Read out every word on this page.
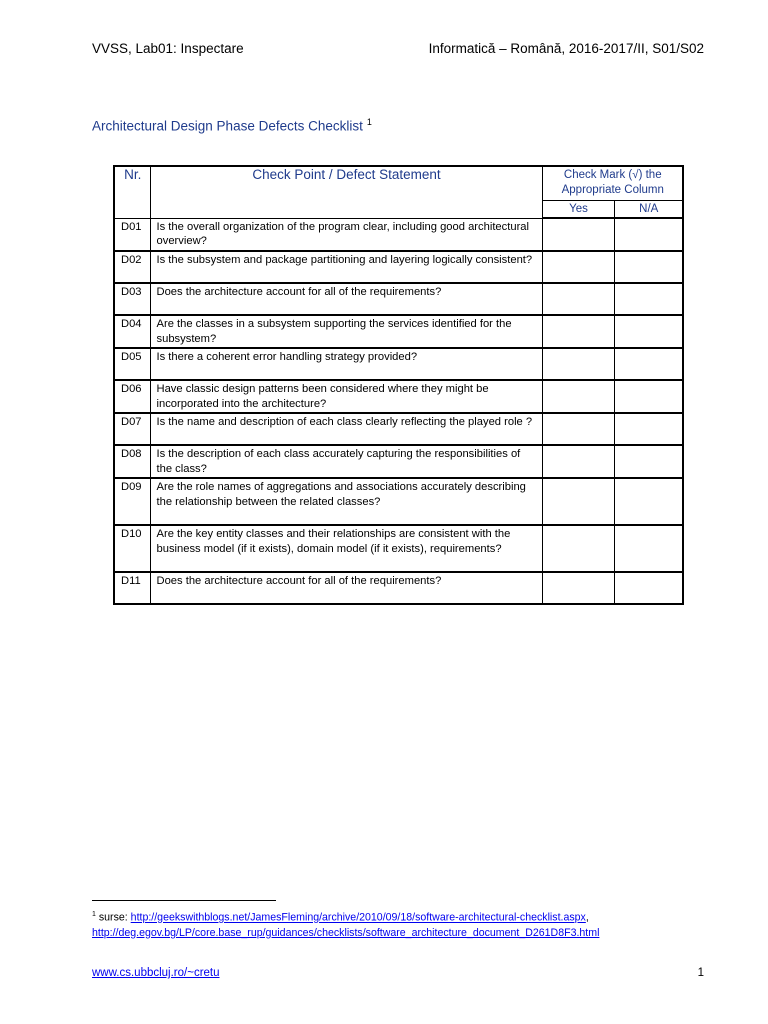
VVSS, Lab01: Inspectare	Informatică – Română, 2016-2017/II, S01/S02
Architectural Design Phase Defects Checklist $^1$
Nr.	Check Point / Defect Statement	Check Mark (√) the Appropriate Column	
		Yes	N/A
D01	Is the overall organization of the program clear, including good architectural overview?		
D02	Is the subsystem and package partitioning and layering logically consistent?		
D03	Does the architecture account for all of the requirements?		
D04	Are the classes in a subsystem supporting the services identified for the subsystem?		
D05	Is there a coherent error handling strategy provided?		
D06	Have classic design patterns been considered where they might be incorporated into the architecture?		
D07	Is the name and description of each class clearly reflecting the played role ?		
D08	Is the description of each class accurately capturing the responsibilities of the class?		
D09	Are the role names of aggregations and associations accurately describing the relationship between the related classes?		
D10	Are the key entity classes and their relationships are consistent with the business model (if it exists), domain model (if it exists), requirements?		
D11	Does the architecture account for all of the requirements?		
$^1$ surse: http://geekswithblogs.net/JamesFleming/archive/2010/09/18/software-architectural-checklist.aspx,
http://deg.egov.bg/LP/core.base_rup/guidances/checklists/software_architecture_document_D261D8F3.html
www.cs.ubbcluj.ro/~cretu	1
